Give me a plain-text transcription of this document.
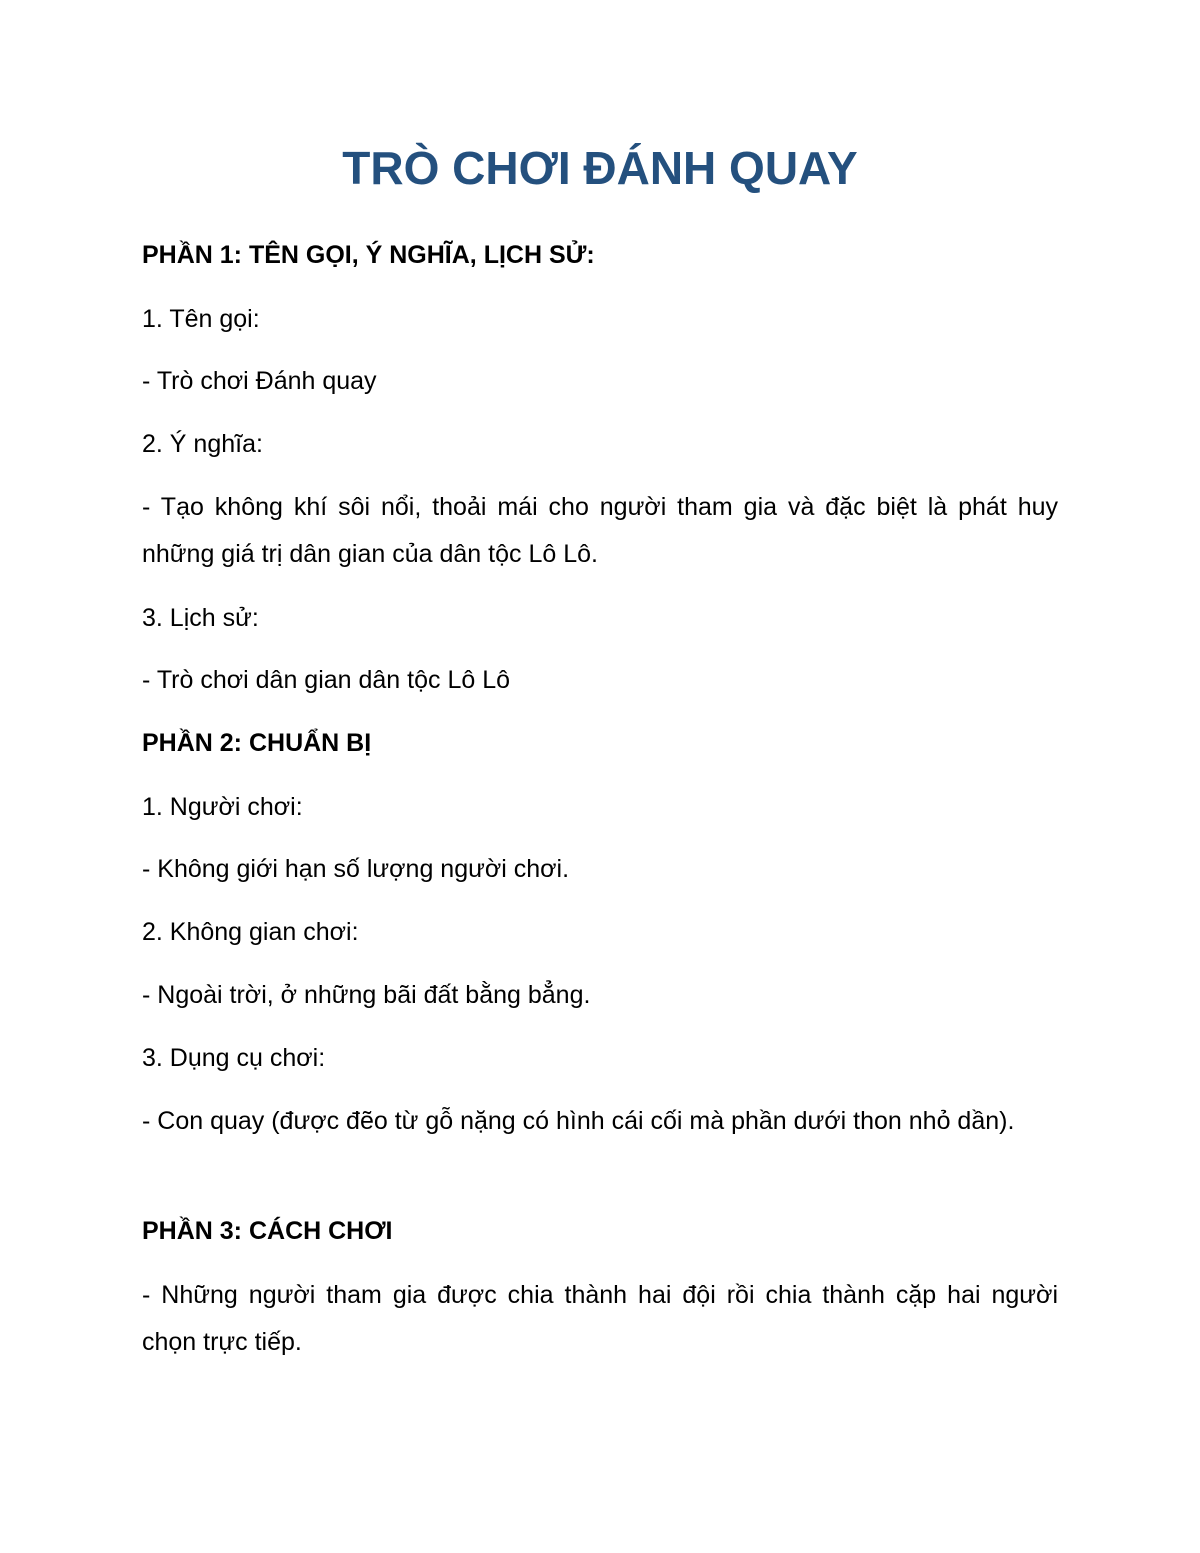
TRÒ CHƠI ĐÁNH QUAY

PHẦN 1: TÊN GỌI, Ý NGHĨA, LỊCH SỬ:

1. Tên gọi:

- Trò chơi Đánh quay

2. Ý nghĩa:

- Tạo không khí sôi nổi, thoải mái cho người tham gia và đặc biệt là phát huy những giá trị dân gian của dân tộc Lô Lô.

3. Lịch sử:

- Trò chơi dân gian dân tộc Lô Lô

PHẦN 2: CHUẨN BỊ

1. Người chơi:

- Không giới hạn số lượng người chơi.

2. Không gian chơi:

- Ngoài trời, ở những bãi đất bằng bẳng.

3. Dụng cụ chơi:

- Con quay (được đẽo từ gỗ nặng có hình cái cối mà phần dưới thon nhỏ dần).

PHẦN 3: CÁCH CHƠI

- Những người tham gia được chia thành hai đội rồi chia thành cặp hai người chọn trực tiếp.
